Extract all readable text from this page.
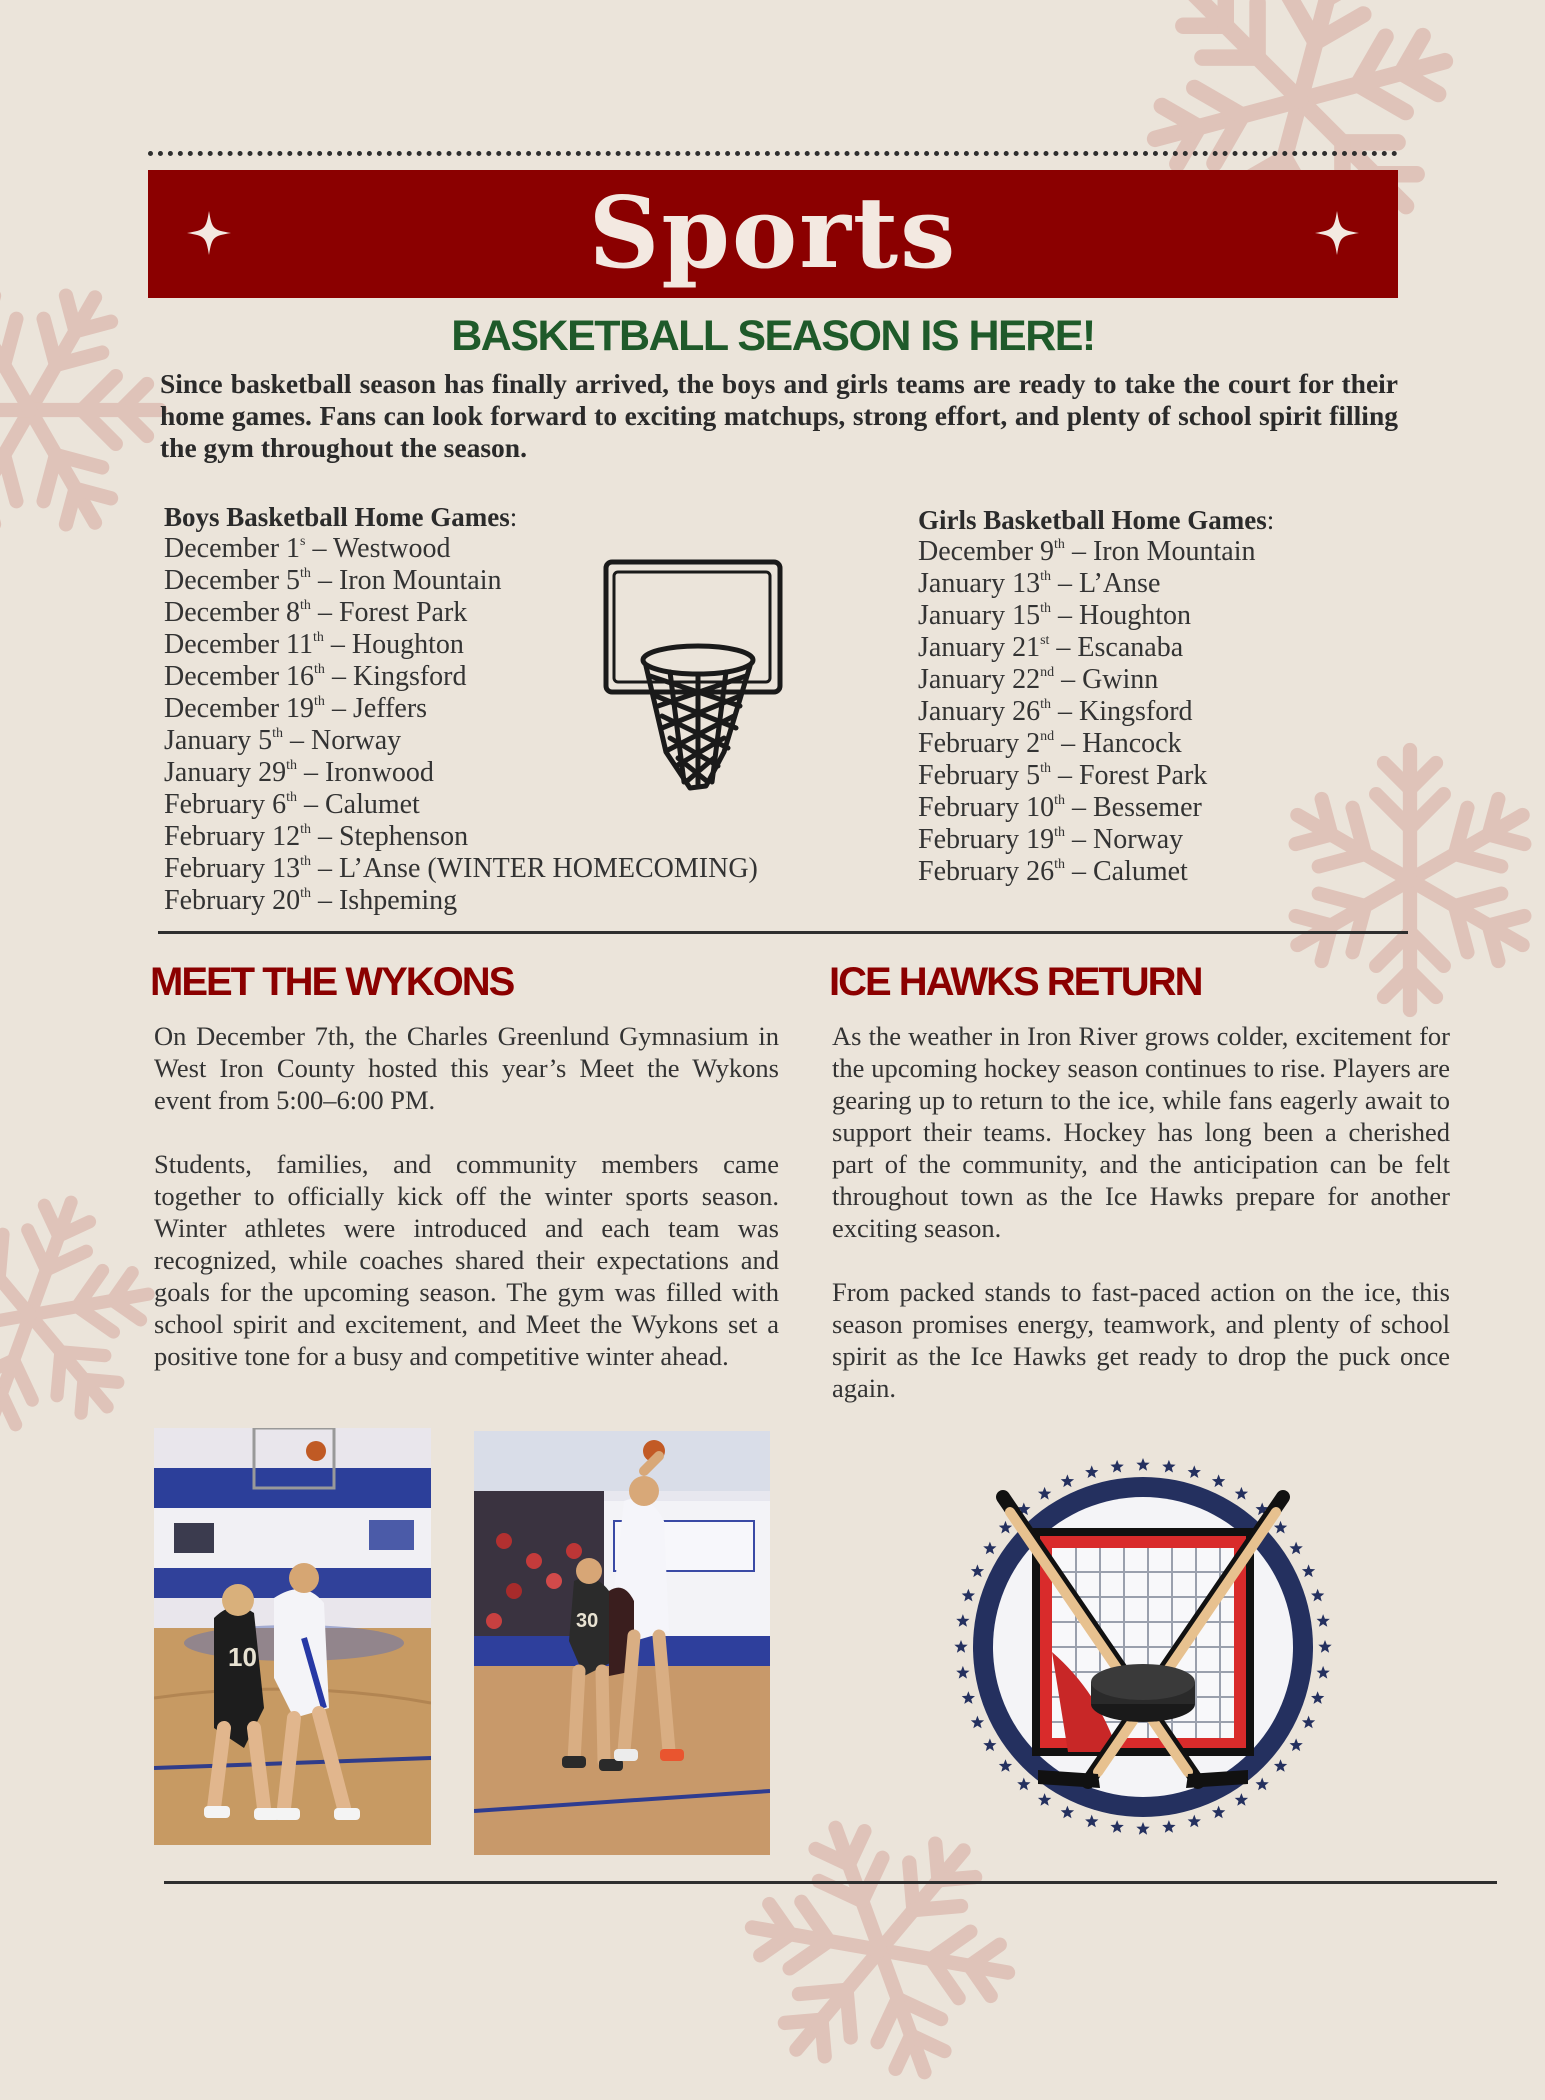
Sports
BASKETBALL SEASON IS HERE!
Since basketball season has finally arrived, the boys and girls teams are ready to take the court for their home games. Fans can look forward to exciting matchups, strong effort, and plenty of school spirit filling the gym throughout the season.
Boys Basketball Home Games:
December 1$^s$ – Westwood
December 5th – Iron Mountain
December 8th – Forest Park
December 11th – Houghton
December 16th – Kingsford
December 19th – Jeffers
January 5th – Norway
January 29th – Ironwood
February 6th – Calumet
February 12th – Stephenson
February 13th – L’Anse (WINTER HOMECOMING)
February 20th – Ishpeming
Girls Basketball Home Games:
December 9th – Iron Mountain
January 13th – L’Anse
January 15th – Houghton
January 21st – Escanaba
January 22nd – Gwinn
January 26th – Kingsford
February 2nd – Hancock
February 5th – Forest Park
February 10th – Bessemer
February 19th – Norway
February 26th – Calumet
MEET THE WYKONS

On December 7th, the Charles Greenlund Gymnasium in West Iron County hosted this year’s Meet the Wykons event from 5:00–6:00 PM.

Students, families, and community members came together to officially kick off the winter sports season. Winter athletes were introduced and each team was recognized, while coaches shared their expectations and goals for the upcoming season. The gym was filled with school spirit and excitement, and Meet the Wykons set a positive tone for a busy and competitive winter ahead.

ICE HAWKS RETURN

As the weather in Iron River grows colder, excitement for the upcoming hockey season continues to rise. Players are gearing up to return to the ice, while fans eagerly await to support their teams. Hockey has long been a cherished part of the community, and the anticipation can be felt throughout town as the Ice Hawks prepare for another exciting season.

From packed stands to fast-paced action on the ice, this season promises energy, teamwork, and plenty of school spirit as the Ice Hawks get ready to drop the puck once again.

10
30
